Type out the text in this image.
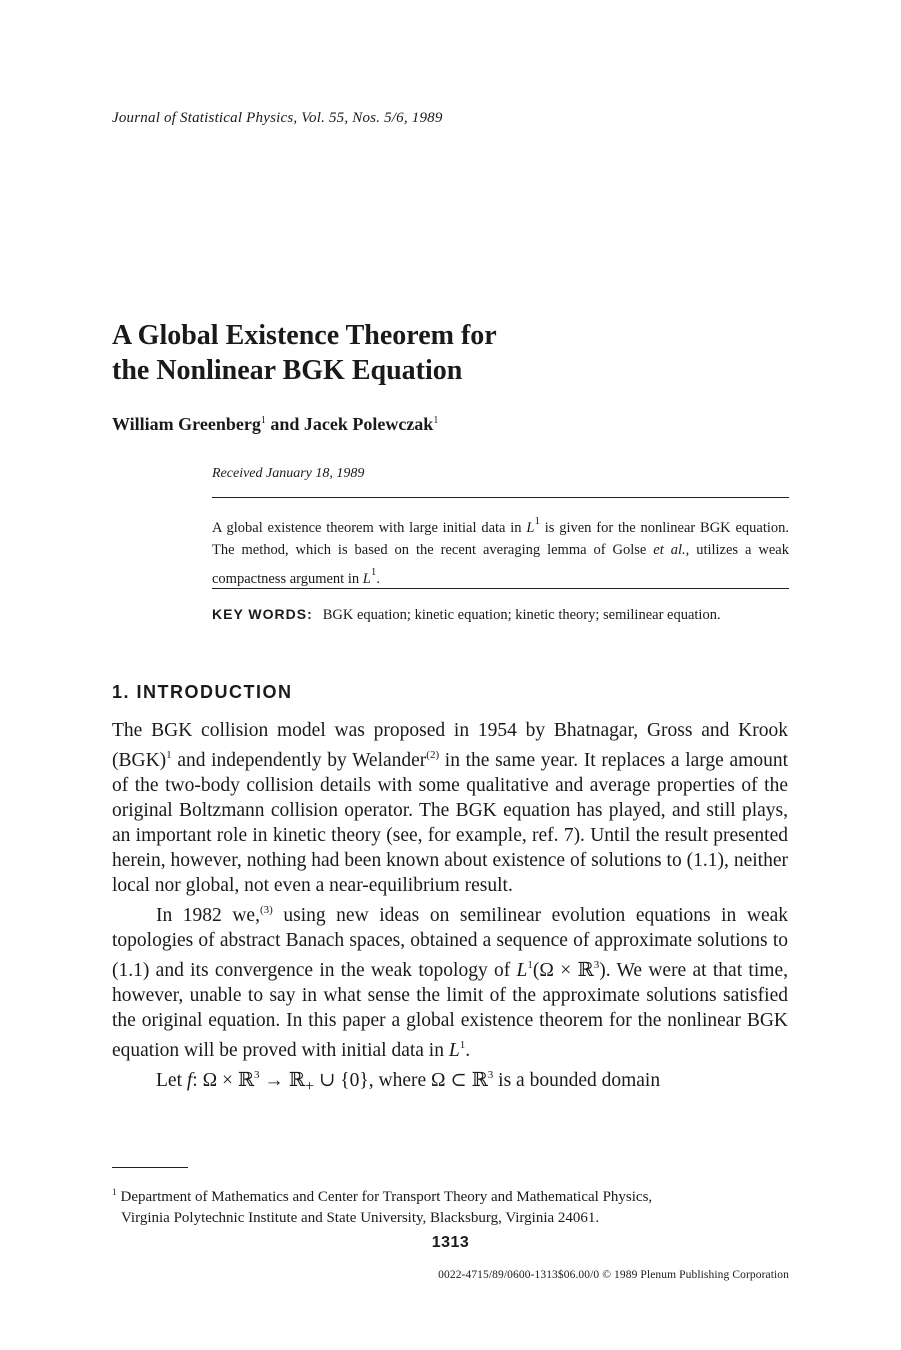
Journal of Statistical Physics, Vol. 55, Nos. 5/6, 1989
A Global Existence Theorem for
the Nonlinear BGK Equation
William Greenberg$^1$ and Jacek Polewczak$^1$
Received January 18, 1989
A global existence theorem with large initial data in $L^1$ is given for the nonlinear BGK equation. The method, which is based on the recent averaging lemma of Golse et al., utilizes a weak compactness argument in $L^1$.
KEY WORDS: BGK equation; kinetic equation; kinetic theory; semilinear equation.
1. INTRODUCTION

The BGK collision model was proposed in 1954 by Bhatnagar, Gross and Krook (BGK)$^1$ and independently by Welander$^{(2)}$ in the same year. It replaces a large amount of the two-body collision details with some qualitative and average properties of the original Boltzmann collision operator. The BGK equation has played, and still plays, an important role in kinetic theory (see, for example, ref. 7). Until the result presented herein, however, nothing had been known about existence of solutions to (1.1), neither local nor global, not even a near-equilibrium result.

In 1982 we,$^{(3)}$ using new ideas on semilinear evolution equations in weak topologies of abstract Banach spaces, obtained a sequence of approximate solutions to (1.1) and its convergence in the weak topology of $L^1(\Omega$ × ℝ$^3$). We were at that time, however, unable to say in what sense the limit of the approximate solutions satisfied the original equation. In this paper a global existence theorem for the nonlinear BGK equation will be proved with initial data in $L^1$.

Let f: Ω × ℝ$^3$ → ℝ$_+$ ∪ {0}, where Ω ⊂ ℝ$^3$ is a bounded domain

$^1$ Department of Mathematics and Center for Transport Theory and Mathematical Physics,
Virginia Polytechnic Institute and State University, Blacksburg, Virginia 24061.
1313
0022-4715/89/0600-1313$06.00/0 © 1989 Plenum Publishing Corporation
